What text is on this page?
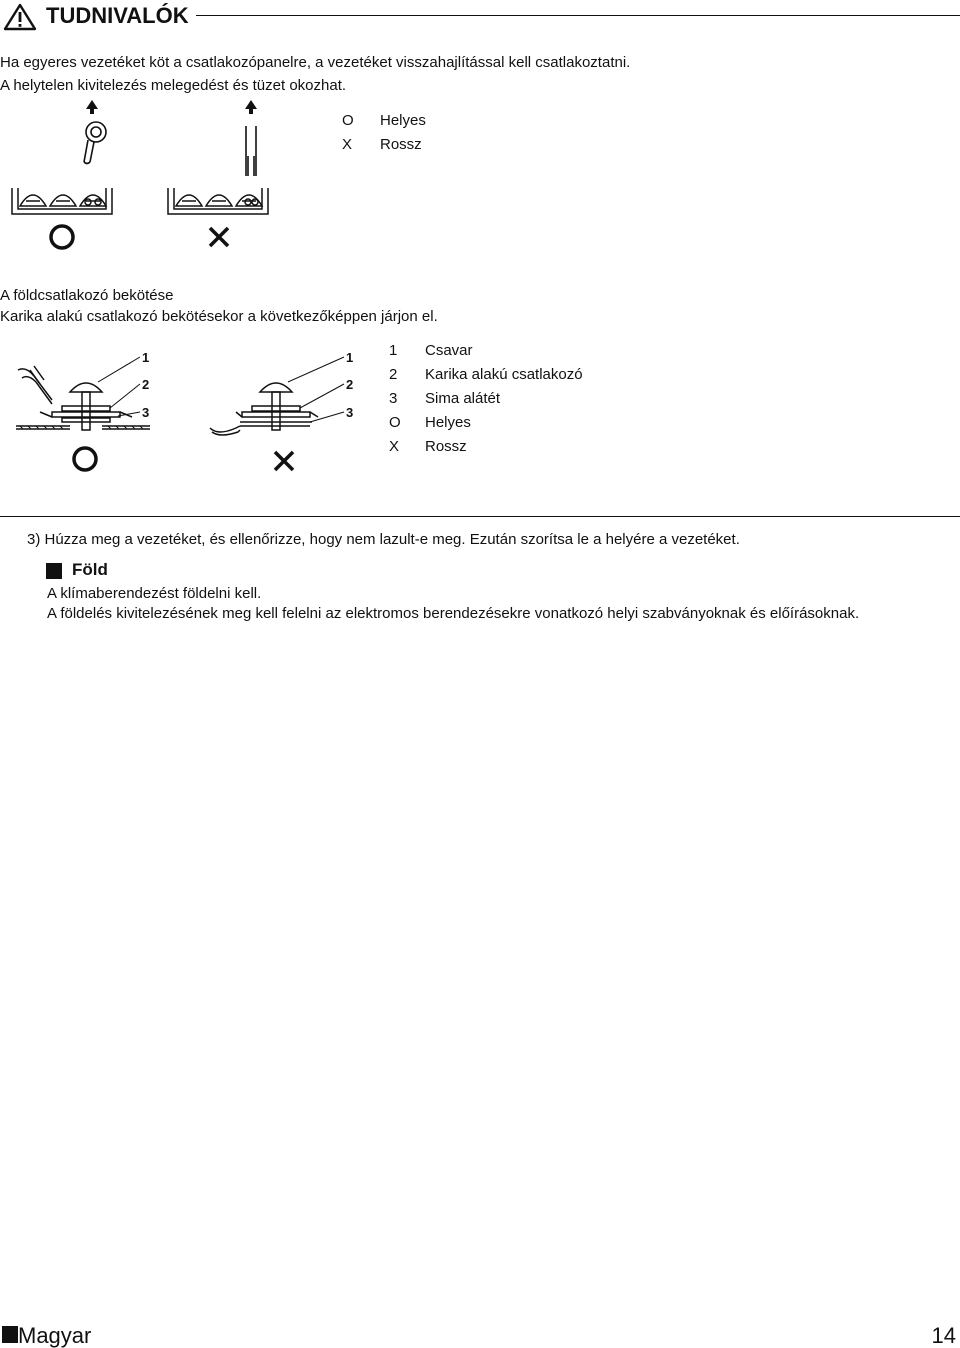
TUDNIVALÓK
Ha egyeres vezetéket köt a csatlakozópanelre, a vezetéket visszahajlítással kell csatlakoztatni.
A helytelen kivitelezés melegedést és tüzet okozhat.
O Helyes
X Rossz
A földcsatlakozó bekötése
Karika alakú csatlakozó bekötésekor a következőképpen járjon el.
1
2
3
1
2
3
1 Csavar
2 Karika alakú csatlakozó
3 Sima alátét
O Helyes
X Rossz
3) Húzza meg a vezetéket, és ellenőrizze, hogy nem lazult-e meg. Ezután szorítsa le a helyére a vezetéket.
Föld
A klímaberendezést földelni kell.
A földelés kivitelezésének meg kell felelni az elektromos berendezésekre vonatkozó helyi szabványoknak és előírásoknak.
Magyar	14
